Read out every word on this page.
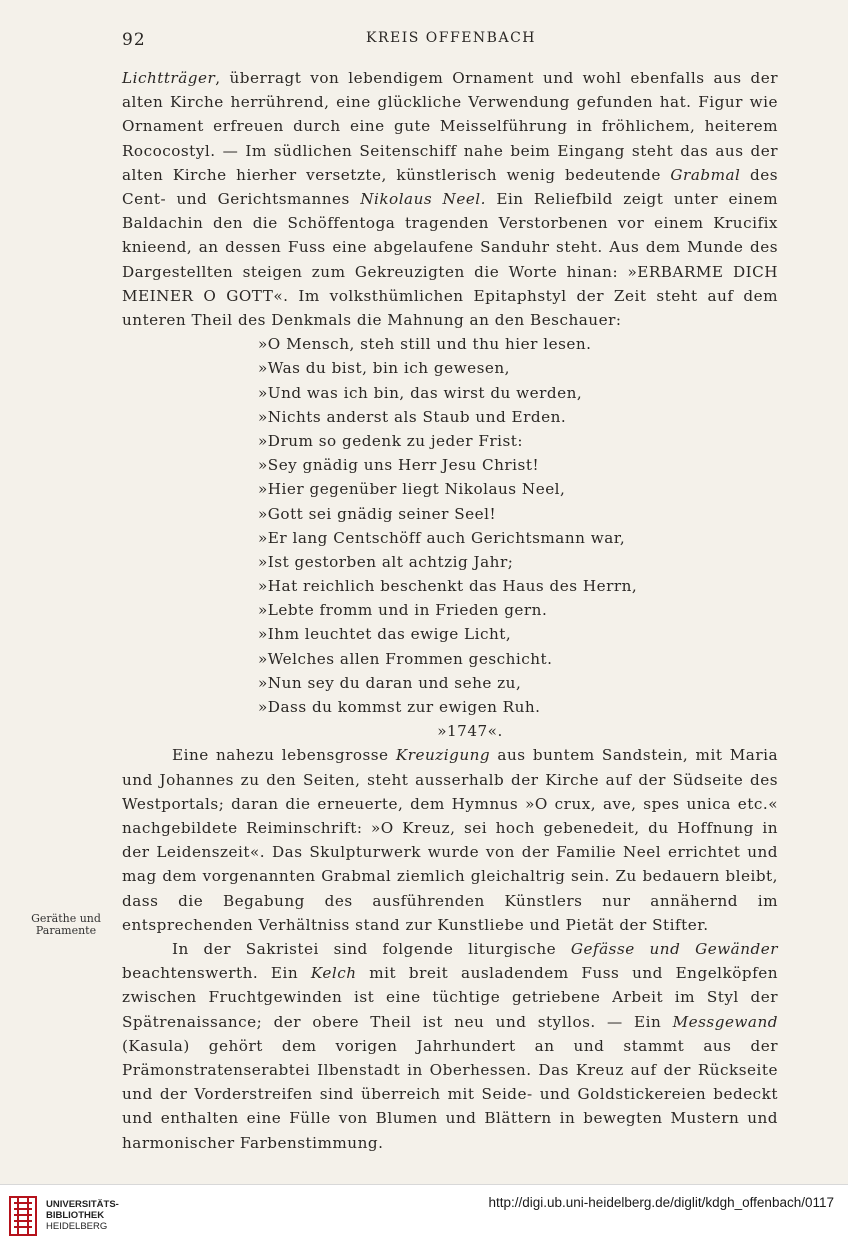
92	KREIS OFFENBACH

Lichtträger, überragt von lebendigem Ornament und wohl ebenfalls aus der alten Kirche herrührend, eine glückliche Verwendung gefunden hat. Figur wie Ornament erfreuen durch eine gute Meisselführung in fröhlichem, heiterem Rococostyl. — Im südlichen Seitenschiff nahe beim Eingang steht das aus der alten Kirche hierher versetzte, künstlerisch wenig bedeutende Grabmal des Cent- und Gerichtsmannes Nikolaus Neel. Ein Reliefbild zeigt unter einem Baldachin den die Schöffentoga tragenden Verstorbenen vor einem Krucifix knieend, an dessen Fuss eine abgelaufene Sanduhr steht. Aus dem Munde des Dargestellten steigen zum Gekreuzigten die Worte hinan: »ERBARME DICH MEINER O GOTT«. Im volksthümlichen Epitaphstyl der Zeit steht auf dem unteren Theil des Denkmals die Mahnung an den Beschauer:

»O Mensch, steh still und thu hier lesen.
»Was du bist, bin ich gewesen,
»Und was ich bin, das wirst du werden,
»Nichts anderst als Staub und Erden.
»Drum so gedenk zu jeder Frist:
»Sey gnädig uns Herr Jesu Christ!
»Hier gegenüber liegt Nikolaus Neel,
»Gott sei gnädig seiner Seel!
»Er lang Centschöff auch Gerichtsmann war,
»Ist gestorben alt achtzig Jahr;
»Hat reichlich beschenkt das Haus des Herrn,
»Lebte fromm und in Frieden gern.
»Ihm leuchtet das ewige Licht,
»Welches allen Frommen geschicht.
»Nun sey du daran und sehe zu,
»Dass du kommst zur ewigen Ruh.
»1747«.

Eine nahezu lebensgrosse Kreuzigung aus buntem Sandstein, mit Maria und Johannes zu den Seiten, steht ausserhalb der Kirche auf der Südseite des Westportals; daran die erneuerte, dem Hymnus »O crux, ave, spes unica etc.« nachgebildete Reiminschrift: »O Kreuz, sei hoch gebenedeit, du Hoffnung in der Leidenszeit«. Das Skulpturwerk wurde von der Familie Neel errichtet und mag dem vorgenannten Grabmal ziemlich gleichaltrig sein. Zu bedauern bleibt, dass die Begabung des ausführenden Künstlers nur annähernd im entsprechenden Verhältniss stand zur Kunstliebe und Pietät der Stifter.

In der Sakristei sind folgende liturgische Gefässe und Gewänder beachtenswerth. Ein Kelch mit breit ausladendem Fuss und Engelköpfen zwischen Fruchtgewinden ist eine tüchtige getriebene Arbeit im Styl der Spätrenaissance; der obere Theil ist neu und styllos. — Ein Messgewand (Kasula) gehört dem vorigen Jahrhundert an und stammt aus der Prämonstratenserabtei Ilbenstadt in Oberhessen. Das Kreuz auf der Rückseite und der Vorderstreifen sind überreich mit Seide- und Goldstickereien bedeckt und enthalten eine Fülle von Blumen und Blättern in bewegten Mustern und harmonischer Farbenstimmung.

Geräthe und
Paramente
UNIVERSITÄTS-
BIBLIOTHEK
HEIDELBERG
http://digi.ub.uni-heidelberg.de/diglit/kdgh_offenbach/0117
